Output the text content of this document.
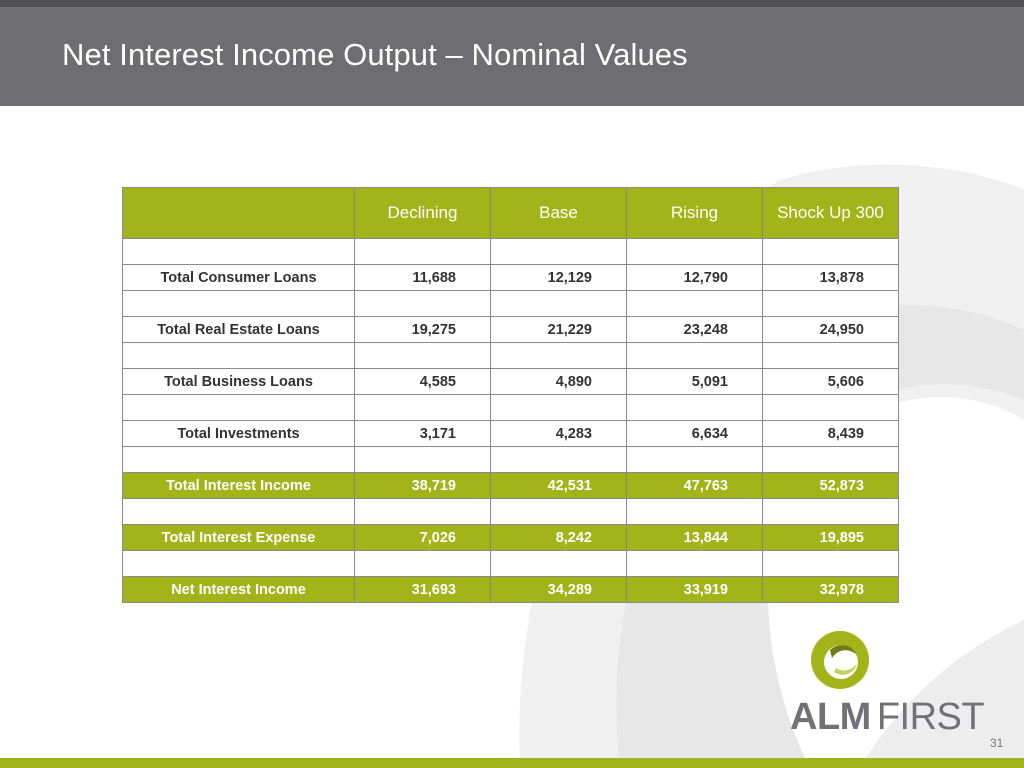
Net Interest Income Output – Nominal Values
	Declining	Base	Rising	Shock Up 300

Total Consumer Loans	11,688	12,129	12,790	13,878

Total Real Estate Loans	19,275	21,229	23,248	24,950

Total Business Loans	4,585	4,890	5,091	5,606

Total Investments	3,171	4,283	6,634	8,439

Total Interest Income	38,719	42,531	47,763	52,873

Total Interest Expense	7,026	8,242	13,844	19,895

Net Interest Income	31,693	34,289	33,919	32,978
ALM FIRST
31
